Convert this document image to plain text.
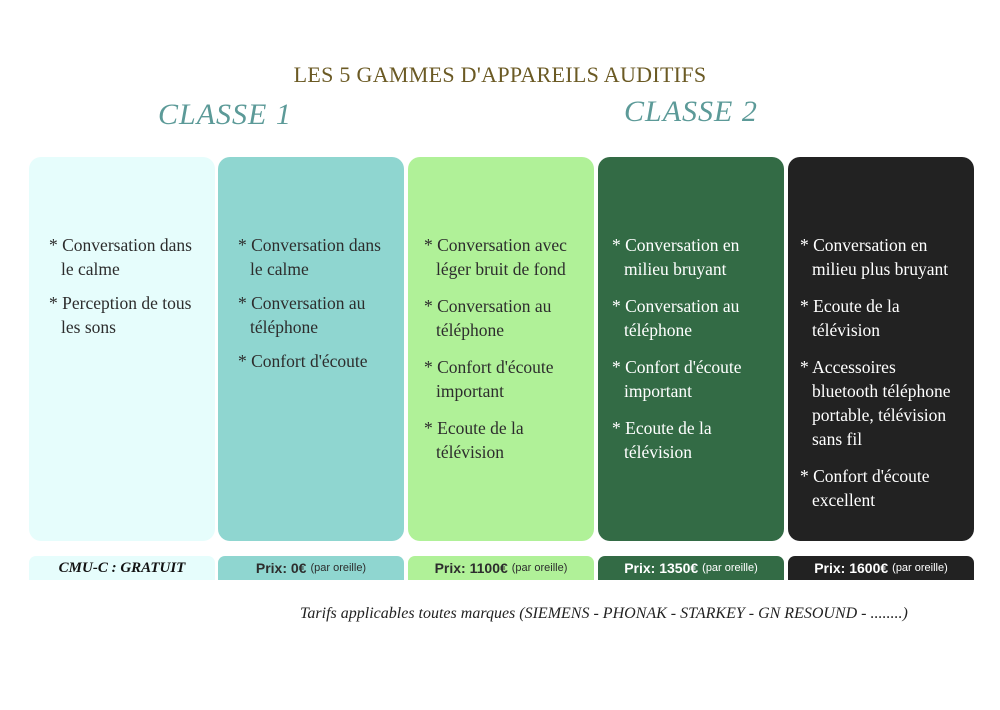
LES 5 GAMMES D'APPAREILS AUDITIFS
CLASSE 1	CLASSE 2
* Conversation dans le calme
* Perception de tous les sons
* Conversation dans le calme
* Conversation au téléphone
* Confort d'écoute
* Conversation avec léger bruit de fond
* Conversation au téléphone
* Confort d'écoute important
* Ecoute de la télévision
* Conversation en milieu bruyant
* Conversation au téléphone
* Confort d'écoute important
* Ecoute de la télévision
* Conversation en milieu plus bruyant
* Ecoute de la télévision
* Accessoires bluetooth téléphone portable, télévision sans fil
* Confort d'écoute excellent
CMU-C : GRATUIT	Prix: 0€ (par oreille)	Prix: 1100€ (par oreille)	Prix: 1350€ (par oreille)	Prix: 1600€ (par oreille)
Tarifs applicables toutes marques (SIEMENS - PHONAK - STARKEY - GN RESOUND - ........)
